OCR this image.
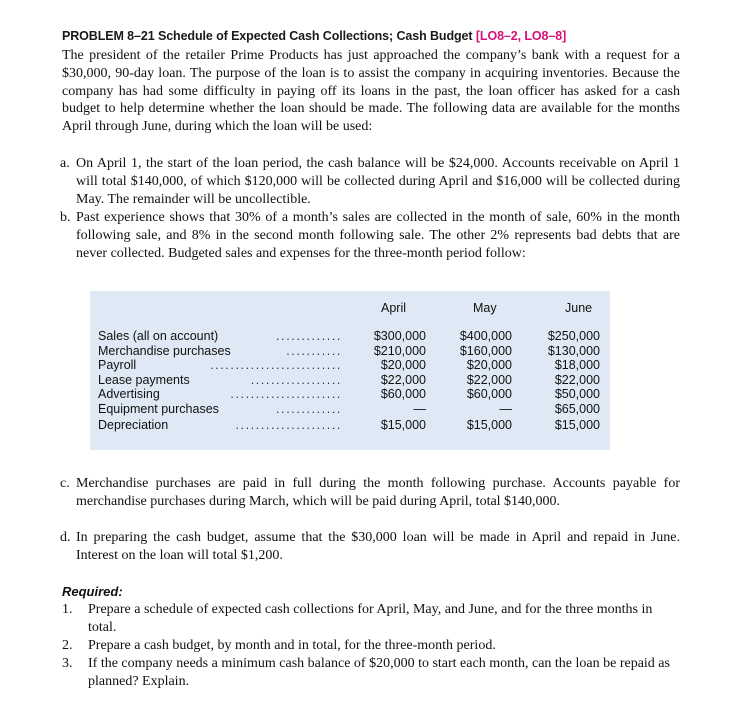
PROBLEM 8–21 Schedule of Expected Cash Collections; Cash Budget [LO8–2, LO8–8]
The president of the retailer Prime Products has just approached the company’s bank with a request for a $30,000, 90-day loan. The purpose of the loan is to assist the company in acquiring inventories. Because the company has had some difficulty in paying off its loans in the past, the loan officer has asked for a cash budget to help determine whether the loan should be made. The following data are available for the months April through June, during which the loan will be used:
a. On April 1, the start of the loan period, the cash balance will be $24,000. Accounts receivable on April 1 will total $140,000, of which $120,000 will be collected during April and $16,000 will be collected during May. The remainder will be uncollectible.
b. Past experience shows that 30% of a month’s sales are collected in the month of sale, 60% in the month following sale, and 8% in the second month following sale. The other 2% represents bad debts that are never collected. Budgeted sales and expenses for the three-month period follow:
April	May	June
Sales (all on account)	.............	$300,000	$400,000	$250,000
Merchandise purchases	...........	$210,000	$160,000	$130,000
Payroll	..........................	$20,000	$20,000	$18,000
Lease payments	..................	$22,000	$22,000	$22,000
Advertising	......................	$60,000	$60,000	$50,000
Equipment purchases	.............	—	—	$65,000
Depreciation	.....................	$15,000	$15,000	$15,000
c. Merchandise purchases are paid in full during the month following purchase. Accounts payable for merchandise purchases during March, which will be paid during April, total $140,000.
d. In preparing the cash budget, assume that the $30,000 loan will be made in April and repaid in June. Interest on the loan will total $1,200.
Required:
1. Prepare a schedule of expected cash collections for April, May, and June, and for the three months in total.
2. Prepare a cash budget, by month and in total, for the three-month period.
3. If the company needs a minimum cash balance of $20,000 to start each month, can the loan be repaid as planned? Explain.
